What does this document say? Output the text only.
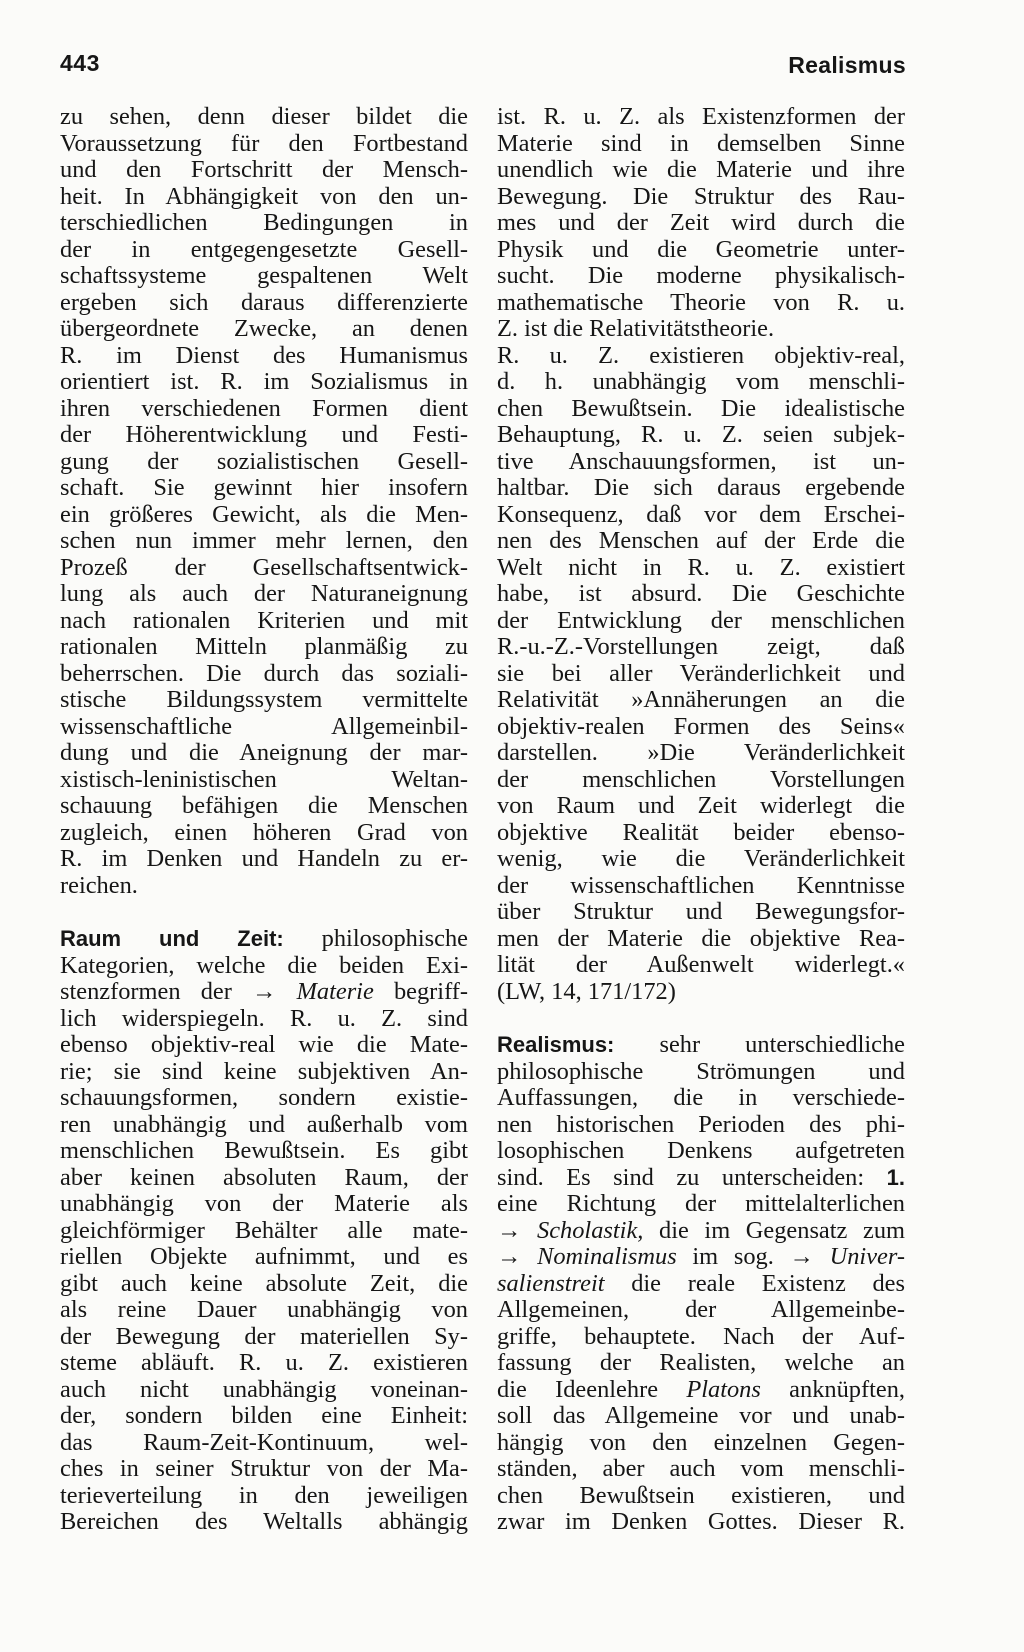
443	Realismus
zu sehen, denn dieser bildet die
Voraussetzung für den Fortbestand
und den Fortschritt der Mensch-
heit. In Abhängigkeit von den un-
terschiedlichen Bedingungen in
der in entgegengesetzte Gesell-
schaftssysteme gespaltenen Welt
ergeben sich daraus differenzierte
übergeordnete Zwecke, an denen
R. im Dienst des Humanismus
orientiert ist. R. im Sozialismus in
ihren verschiedenen Formen dient
der Höherentwicklung und Festi-
gung der sozialistischen Gesell-
schaft. Sie gewinnt hier insofern
ein größeres Gewicht, als die Men-
schen nun immer mehr lernen, den
Prozeß der Gesellschaftsentwick-
lung als auch der Naturaneignung
nach rationalen Kriterien und mit
rationalen Mitteln planmäßig zu
beherrschen. Die durch das soziali-
stische Bildungssystem vermittelte
wissenschaftliche Allgemeinbil-
dung und die Aneignung der mar-
xistisch-leninistischen Weltan-
schauung befähigen die Menschen
zugleich, einen höheren Grad von
R. im Denken und Handeln zu er-
reichen.
Raum und Zeit: philosophische
Kategorien, welche die beiden Exi-
stenzformen der → Materie begriff-
lich widerspiegeln. R. u. Z. sind
ebenso objektiv-real wie die Mate-
rie; sie sind keine subjektiven An-
schauungsformen, sondern existie-
ren unabhängig und außerhalb vom
menschlichen Bewußtsein. Es gibt
aber keinen absoluten Raum, der
unabhängig von der Materie als
gleichförmiger Behälter alle mate-
riellen Objekte aufnimmt, und es
gibt auch keine absolute Zeit, die
als reine Dauer unabhängig von
der Bewegung der materiellen Sy-
steme abläuft. R. u. Z. existieren
auch nicht unabhängig voneinan-
der, sondern bilden eine Einheit:
das Raum-Zeit-Kontinuum, wel-
ches in seiner Struktur von der Ma-
terieverteilung in den jeweiligen
Bereichen des Weltalls abhängig
ist. R. u. Z. als Existenzformen der
Materie sind in demselben Sinne
unendlich wie die Materie und ihre
Bewegung. Die Struktur des Rau-
mes und der Zeit wird durch die
Physik und die Geometrie unter-
sucht. Die moderne physikalisch-
mathematische Theorie von R. u.
Z. ist die Relativitätstheorie.
R. u. Z. existieren objektiv-real,
d. h. unabhängig vom menschli-
chen Bewußtsein. Die idealistische
Behauptung, R. u. Z. seien subjek-
tive Anschauungsformen, ist un-
haltbar. Die sich daraus ergebende
Konsequenz, daß vor dem Erschei-
nen des Menschen auf der Erde die
Welt nicht in R. u. Z. existiert
habe, ist absurd. Die Geschichte
der Entwicklung der menschlichen
R.-u.-Z.-Vorstellungen zeigt, daß
sie bei aller Veränderlichkeit und
Relativität »Annäherungen an die
objektiv-realen Formen des Seins«
darstellen. »Die Veränderlichkeit
der menschlichen Vorstellungen
von Raum und Zeit widerlegt die
objektive Realität beider ebenso-
wenig, wie die Veränderlichkeit
der wissenschaftlichen Kenntnisse
über Struktur und Bewegungsfor-
men der Materie die objektive Rea-
lität der Außenwelt widerlegt.«
(LW, 14, 171/172)
Realismus: sehr unterschiedliche
philosophische Strömungen und
Auffassungen, die in verschiede-
nen historischen Perioden des phi-
losophischen Denkens aufgetreten
sind. Es sind zu unterscheiden: 1.
eine Richtung der mittelalterlichen
→ Scholastik, die im Gegensatz zum
→ Nominalismus im sog. → Univer-
salienstreit die reale Existenz des
Allgemeinen, der Allgemeinbe-
griffe, behauptete. Nach der Auf-
fassung der Realisten, welche an
die Ideenlehre Platons anknüpften,
soll das Allgemeine vor und unab-
hängig von den einzelnen Gegen-
ständen, aber auch vom menschli-
chen Bewußtsein existieren, und
zwar im Denken Gottes. Dieser R.
